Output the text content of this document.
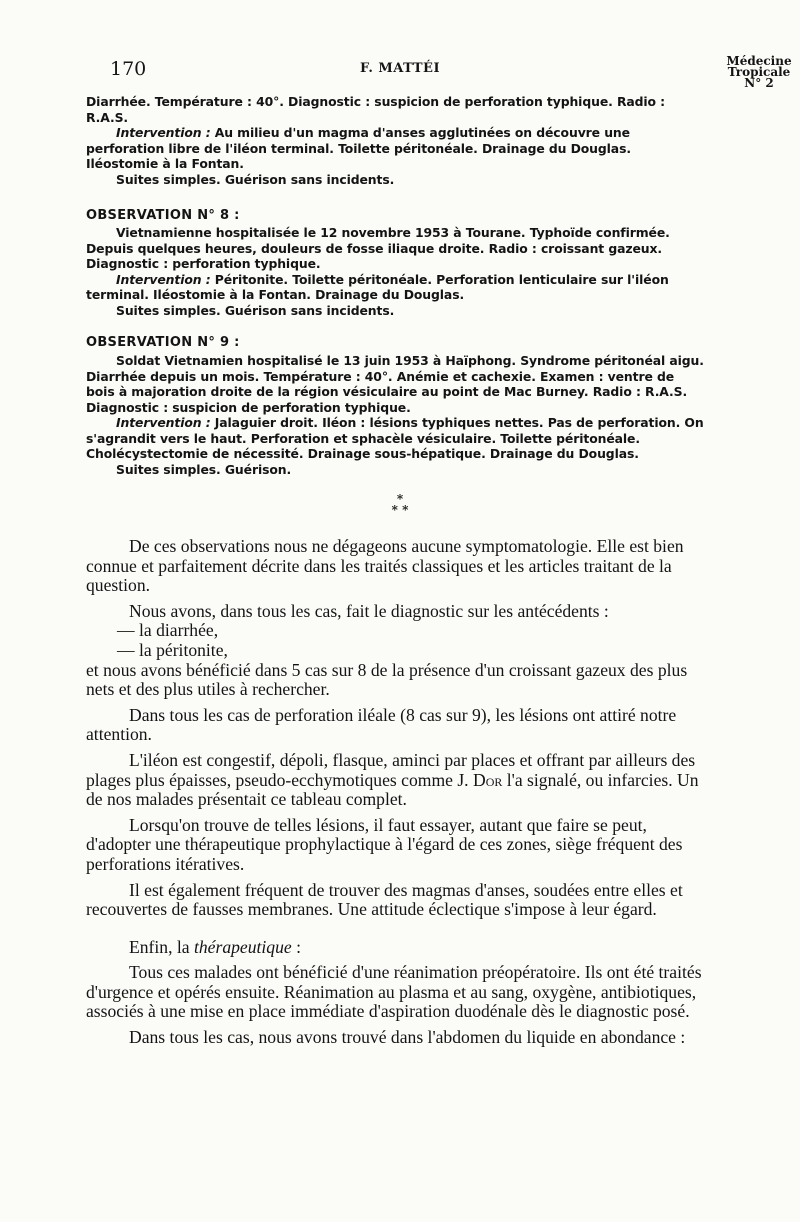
170	F. MATTÉI	Médecine
Tropicale
N° 2

Diarrhée. Température : 40°. Diagnostic : suspicion de perforation typhique. Radio : R.A.S.

Intervention : Au milieu d'un magma d'anses agglutinées on découvre une perforation libre de l'iléon terminal. Toilette péritonéale. Drainage du Douglas. Iléostomie à la Fontan.

Suites simples. Guérison sans incidents.

OBSERVATION N° 8 :

Vietnamienne hospitalisée le 12 novembre 1953 à Tourane. Typhoïde confirmée. Depuis quelques heures, douleurs de fosse iliaque droite. Radio : croissant gazeux. Diagnostic : perforation typhique.

Intervention : Péritonite. Toilette péritonéale. Perforation lenticulaire sur l'iléon terminal. Iléostomie à la Fontan. Drainage du Douglas.

Suites simples. Guérison sans incidents.

OBSERVATION N° 9 :

Soldat Vietnamien hospitalisé le 13 juin 1953 à Haïphong. Syndrome péritonéal aigu. Diarrhée depuis un mois. Température : 40°. Anémie et cachexie. Examen : ventre de bois à majoration droite de la région vésiculaire au point de Mac Burney. Radio : R.A.S. Diagnostic : suspicion de perforation typhique.

Intervention : Jalaguier droit. Iléon : lésions typhiques nettes. Pas de perforation. On s'agrandit vers le haut. Perforation et sphacèle vésiculaire. Toilette péritonéale. Cholécystectomie de nécessité. Drainage sous-hépatique. Drainage du Douglas.

Suites simples. Guérison.

*
* *

De ces observations nous ne dégageons aucune symptomatologie. Elle est bien connue et parfaitement décrite dans les traités classiques et les articles traitant de la question.

Nous avons, dans tous les cas, fait le diagnostic sur les antécédents :

— la diarrhée,

— la péritonite,

et nous avons bénéficié dans 5 cas sur 8 de la présence d'un croissant gazeux des plus nets et des plus utiles à rechercher.

Dans tous les cas de perforation iléale (8 cas sur 9), les lésions ont attiré notre attention.

L'iléon est congestif, dépoli, flasque, aminci par places et offrant par ailleurs des plages plus épaisses, pseudo-ecchymotiques comme J. Dor l'a signalé, ou infarcies. Un de nos malades présentait ce tableau complet.

Lorsqu'on trouve de telles lésions, il faut essayer, autant que faire se peut, d'adopter une thérapeutique prophylactique à l'égard de ces zones, siège fréquent des perforations itératives.

Il est également fréquent de trouver des magmas d'anses, soudées entre elles et recouvertes de fausses membranes. Une attitude éclectique s'impose à leur égard.

Enfin, la thérapeutique :

Tous ces malades ont bénéficié d'une réanimation préopératoire. Ils ont été traités d'urgence et opérés ensuite. Réanimation au plasma et au sang, oxygène, antibiotiques, associés à une mise en place immédiate d'aspiration duodénale dès le diagnostic posé.

Dans tous les cas, nous avons trouvé dans l'abdomen du liquide en abondance :
